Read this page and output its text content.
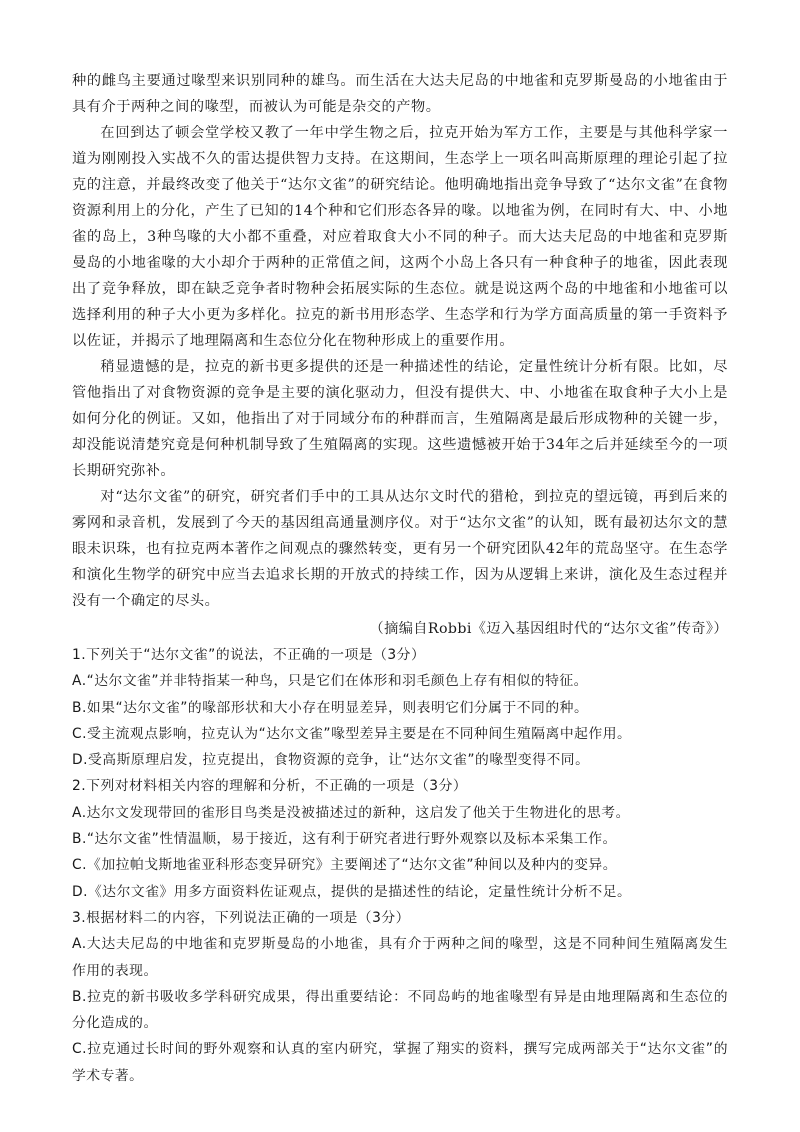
种的雌鸟主要通过喙型来识别同种的雄鸟。而生活在大达夫尼岛的中地雀和克罗斯曼岛的小地雀由于具有介于两种之间的喙型，而被认为可能是杂交的产物。

在回到达了顿会堂学校又教了一年中学生物之后，拉克开始为军方工作，主要是与其他科学家一道为刚刚投入实战不久的雷达提供智力支持。在这期间，生态学上一项名叫高斯原理的理论引起了拉克的注意，并最终改变了他关于“达尔文雀”的研究结论。他明确地指出竞争导致了“达尔文雀”在食物资源利用上的分化，产生了已知的14个种和它们形态各异的喙。以地雀为例，在同时有大、中、小地雀的岛上，3种鸟喙的大小都不重叠，对应着取食大小不同的种子。而大达夫尼岛的中地雀和克罗斯曼岛的小地雀喙的大小却介于两种的正常值之间，这两个小岛上各只有一种食种子的地雀，因此表现出了竞争释放，即在缺乏竞争者时物种会拓展实际的生态位。就是说这两个岛的中地雀和小地雀可以选择利用的种子大小更为多样化。拉克的新书用形态学、生态学和行为学方面高质量的第一手资料予以佐证，并揭示了地理隔离和生态位分化在物种形成上的重要作用。

稍显遗憾的是，拉克的新书更多提供的还是一种描述性的结论，定量性统计分析有限。比如，尽管他指出了对食物资源的竞争是主要的演化驱动力，但没有提供大、中、小地雀在取食种子大小上是如何分化的例证。又如，他指出了对于同域分布的种群而言，生殖隔离是最后形成物种的关键一步，却没能说清楚究竟是何种机制导致了生殖隔离的实现。这些遗憾被开始于34年之后并延续至今的一项长期研究弥补。

对“达尔文雀”的研究，研究者们手中的工具从达尔文时代的猎枪，到拉克的望远镜，再到后来的雾网和录音机，发展到了今天的基因组高通量测序仪。对于“达尔文雀”的认知，既有最初达尔文的慧眼未识珠，也有拉克两本著作之间观点的骤然转变，更有另一个研究团队42年的荒岛坚守。在生态学和演化生物学的研究中应当去追求长期的开放式的持续工作，因为从逻辑上来讲，演化及生态过程并没有一个确定的尽头。

（摘编自Robbi《迈入基因组时代的“达尔文雀”传奇》）

1.下列关于“达尔文雀”的说法，不正确的一项是（3分）

A.“达尔文雀”并非特指某一种鸟，只是它们在体形和羽毛颜色上存有相似的特征。

B.如果“达尔文雀”的喙部形状和大小存在明显差异，则表明它们分属于不同的种。

C.受主流观点影响，拉克认为“达尔文雀”喙型差异主要是在不同种间生殖隔离中起作用。

D.受高斯原理启发，拉克提出，食物资源的竞争，让“达尔文雀”的喙型变得不同。

2.下列对材料相关内容的理解和分析，不正确的一项是（3分）

A.达尔文发现带回的雀形目鸟类是没被描述过的新种，这启发了他关于生物进化的思考。

B.“达尔文雀”性情温顺，易于接近，这有利于研究者进行野外观察以及标本采集工作。

C.《加拉帕戈斯地雀亚科形态变异研究》主要阐述了“达尔文雀”种间以及种内的变异。

D.《达尔文雀》用多方面资料佐证观点，提供的是描述性的结论，定量性统计分析不足。

3.根据材料二的内容，下列说法正确的一项是（3分）

A.大达夫尼岛的中地雀和克罗斯曼岛的小地雀，具有介于两种之间的喙型，这是不同种间生殖隔离发生作用的表现。

B.拉克的新书吸收多学科研究成果，得出重要结论：不同岛屿的地雀喙型有异是由地理隔离和生态位的分化造成的。

C.拉克通过长时间的野外观察和认真的室内研究，掌握了翔实的资料，撰写完成两部关于“达尔文雀”的学术专著。
